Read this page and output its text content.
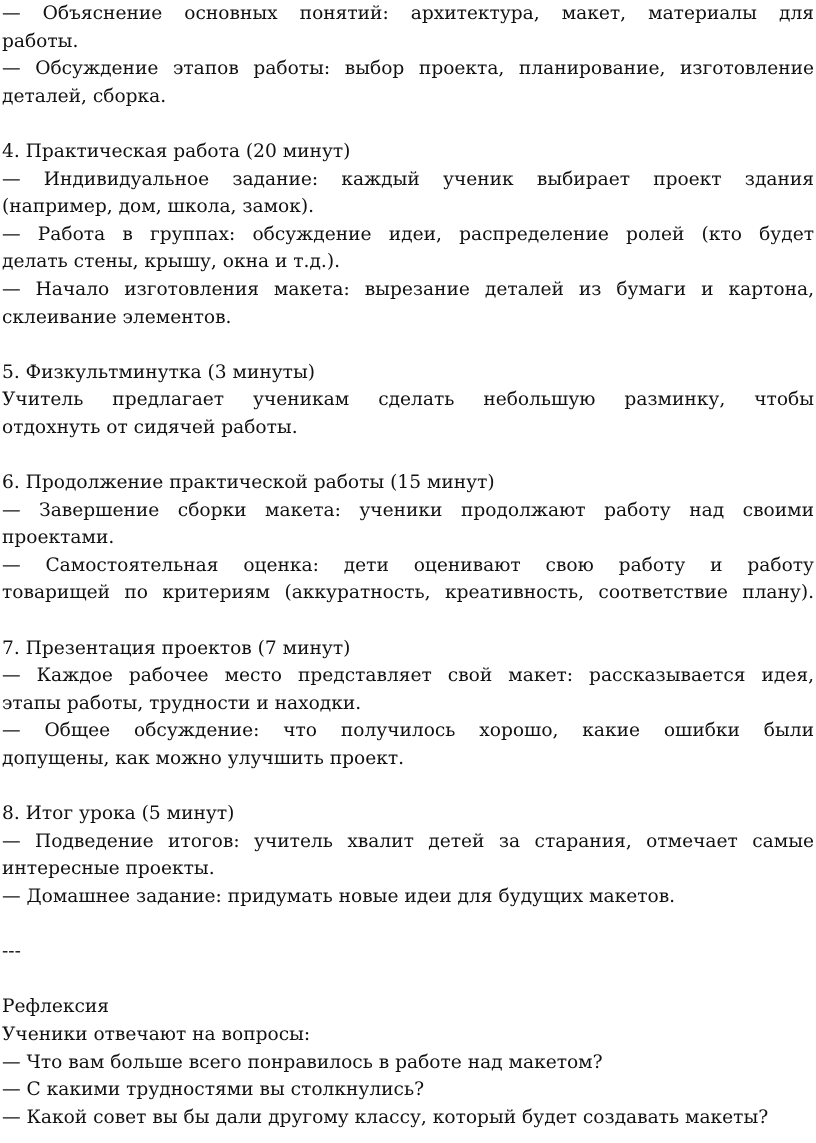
— Объяснение основных понятий: архитектура, макет, материалы для
работы.
— Обсуждение этапов работы: выбор проекта, планирование, изготовление
деталей, сборка.
4. Практическая работа (20 минут)
— Индивидуальное задание: каждый ученик выбирает проект здания
(например, дом, школа, замок).
— Работа в группах: обсуждение идеи, распределение ролей (кто будет
делать стены, крышу, окна и т.д.).
— Начало изготовления макета: вырезание деталей из бумаги и картона,
склеивание элементов.
5. Физкультминутка (3 минуты)
Учитель предлагает ученикам сделать небольшую разминку, чтобы
отдохнуть от сидячей работы.
6. Продолжение практической работы (15 минут)
— Завершение сборки макета: ученики продолжают работу над своими
проектами.
— Самостоятельная оценка: дети оценивают свою работу и работу
товарищей по критериям (аккуратность, креативность, соответствие плану).
7. Презентация проектов (7 минут)
— Каждое рабочее место представляет свой макет: рассказывается идея,
этапы работы, трудности и находки.
— Общее обсуждение: что получилось хорошо, какие ошибки были
допущены, как можно улучшить проект.
8. Итог урока (5 минут)
— Подведение итогов: учитель хвалит детей за старания, отмечает самые
интересные проекты.
— Домашнее задание: придумать новые идеи для будущих макетов.
---
Рефлексия
Ученики отвечают на вопросы:
— Что вам больше всего понравилось в работе над макетом?
— С какими трудностями вы столкнулись?
— Какой совет вы бы дали другому классу, который будет создавать макеты?
